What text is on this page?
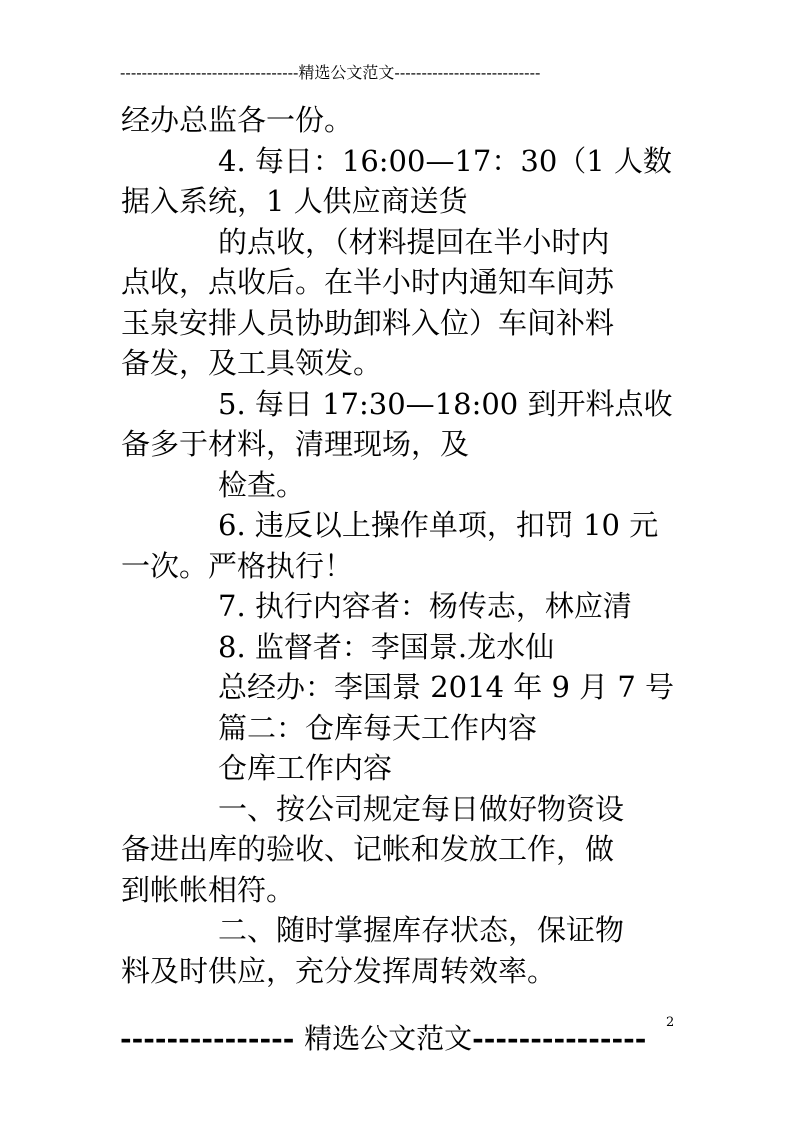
---------------------------------精选公文范文---------------------------

经办总监各一份。

4. 每日：16:00—17：30（1 人数

据入系统，1 人供应商送货

的点收，（材料提回在半小时内

点收，点收后。在半小时内通知车间苏

玉泉安排人员协助卸料入位）车间补料

备发，及工具领发。

5. 每日 17:30—18:00 到开料点收

备多于材料，清理现场，及

检查。

6. 违反以上操作单项，扣罚 10 元

一次。严格执行！

7. 执行内容者：杨传志，林应清

8. 监督者：李国景.龙水仙

总经办：李国景 2014 年 9 月 7 号

篇二：仓库每天工作内容

仓库工作内容

一、按公司规定每日做好物资设

备进出库的验收、记帐和发放工作，做

到帐帐相符。

二、随时掌握库存状态，保证物

料及时供应，充分发挥周转效率。

2
--------------- 精选公文范文---------------
